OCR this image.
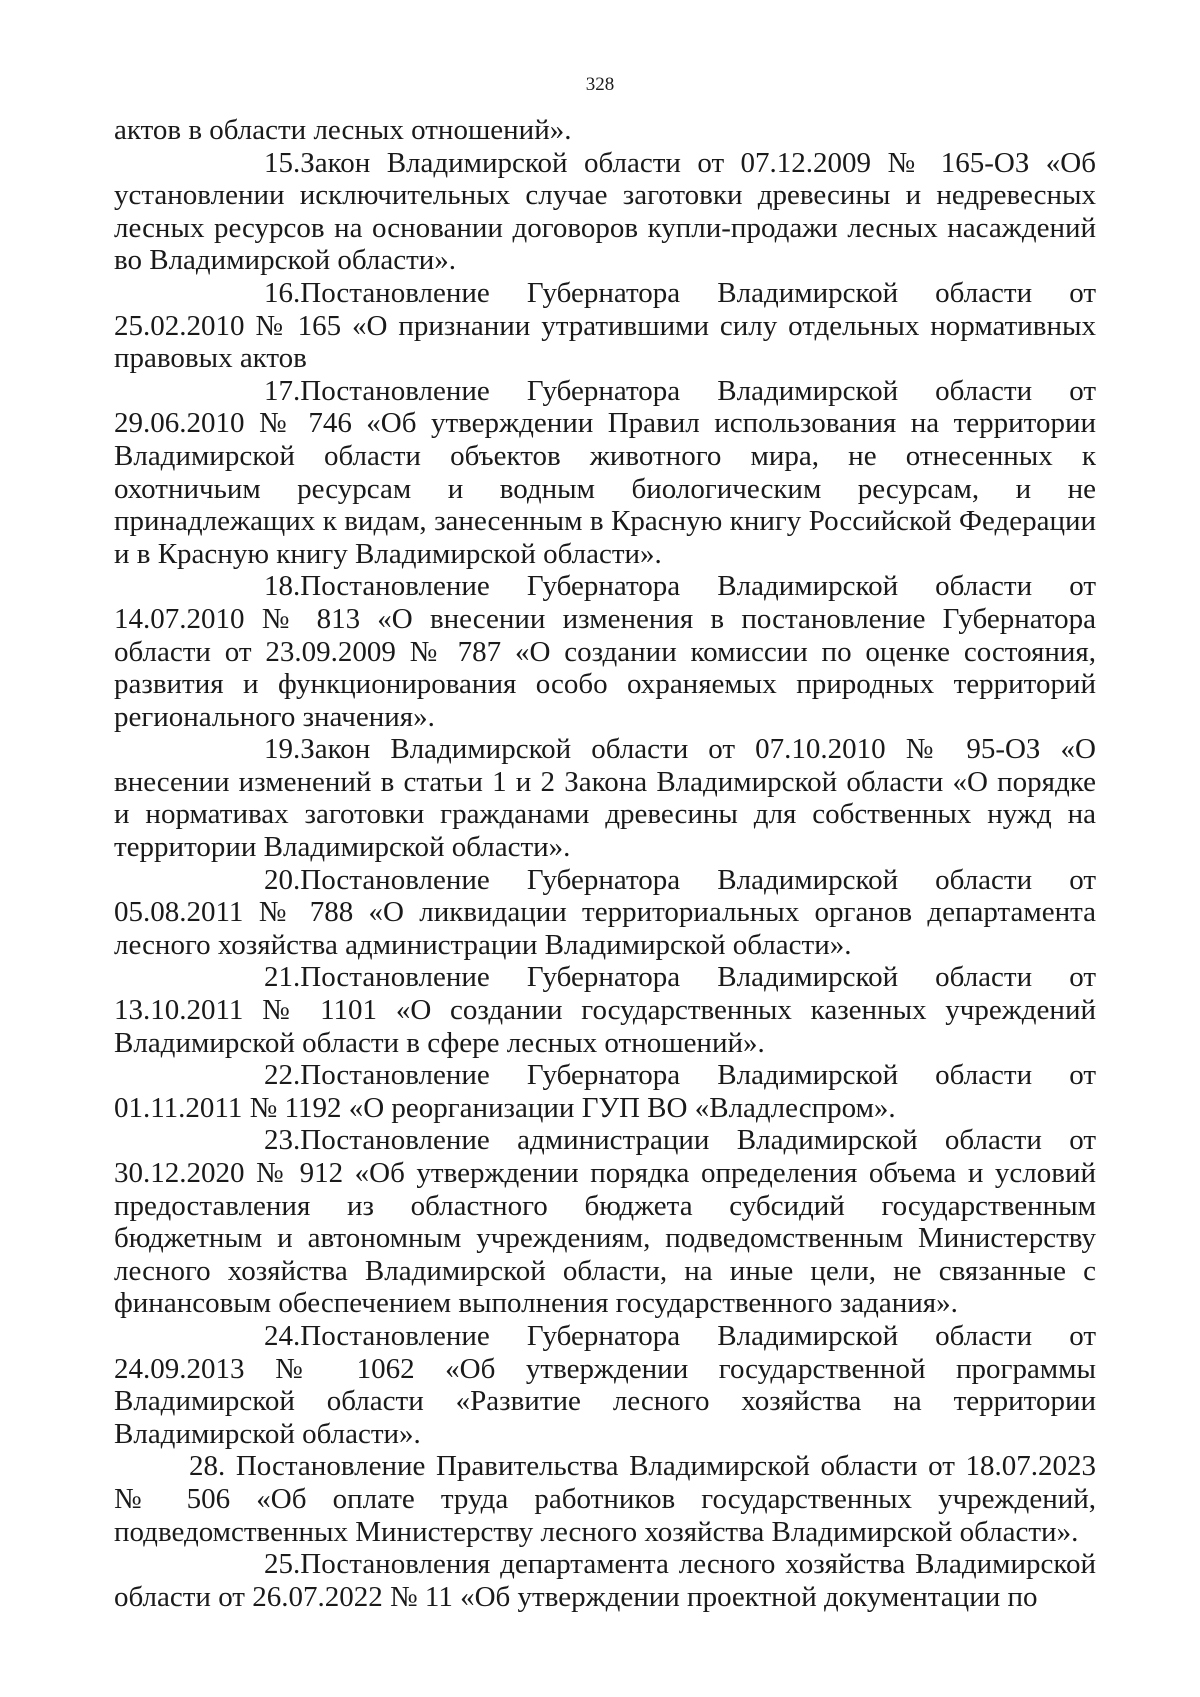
328

актов в области лесных отношений».

15.Закон Владимирской области от 07.12.2009 № 165-ОЗ «Об установлении исключительных случае заготовки древесины и недревесных лесных ресурсов на основании договоров купли-продажи лесных насаждений во Владимирской области».

16.Постановление Губернатора Владимирской области от 25.02.2010 № 165 «О признании утратившими силу отдельных нормативных правовых актов

17.Постановление Губернатора Владимирской области от 29.06.2010 № 746 «Об утверждении Правил использования на территории Владимирской области объектов животного мира, не отнесенных к охотничьим ресурсам и водным биологическим ресурсам, и не принадлежащих к видам, занесенным в Красную книгу Российской Федерации и в Красную книгу Владимирской области».

18.Постановление Губернатора Владимирской области от 14.07.2010 № 813 «О внесении изменения в постановление Губернатора области от 23.09.2009 № 787 «О создании комиссии по оценке состояния, развития и функционирования особо охраняемых природных территорий регионального значения».

19.Закон Владимирской области от 07.10.2010 № 95-ОЗ «О внесении изменений в статьи 1 и 2 Закона Владимирской области «О порядке и нормативах заготовки гражданами древесины для собственных нужд на территории Владимирской области».

20.Постановление Губернатора Владимирской области от 05.08.2011 № 788 «О ликвидации территориальных органов департамента лесного хозяйства администрации Владимирской области».

21.Постановление Губернатора Владимирской области от 13.10.2011 № 1101 «О создании государственных казенных учреждений Владимирской области в сфере лесных отношений».

22.Постановление Губернатора Владимирской области от 01.11.2011 № 1192 «О реорганизации ГУП ВО «Владлеспром».

23.Постановление администрации Владимирской области от 30.12.2020 № 912 «Об утверждении порядка определения объема и условий предоставления из областного бюджета субсидий государственным бюджетным и автономным учреждениям, подведомственным Министерству лесного хозяйства Владимирской области, на иные цели, не связанные с финансовым обеспечением выполнения государственного задания».

24.Постановление Губернатора Владимирской области от 24.09.2013 № 1062 «Об утверждении государственной программы Владимирской области «Развитие лесного хозяйства на территории Владимирской области».

28. Постановление Правительства Владимирской области от 18.07.2023 № 506 «Об оплате труда работников государственных учреждений, подведомственных Министерству лесного хозяйства Владимирской области».

25.Постановления департамента лесного хозяйства Владимирской области от 26.07.2022 № 11 «Об утверждении проектной документации по
